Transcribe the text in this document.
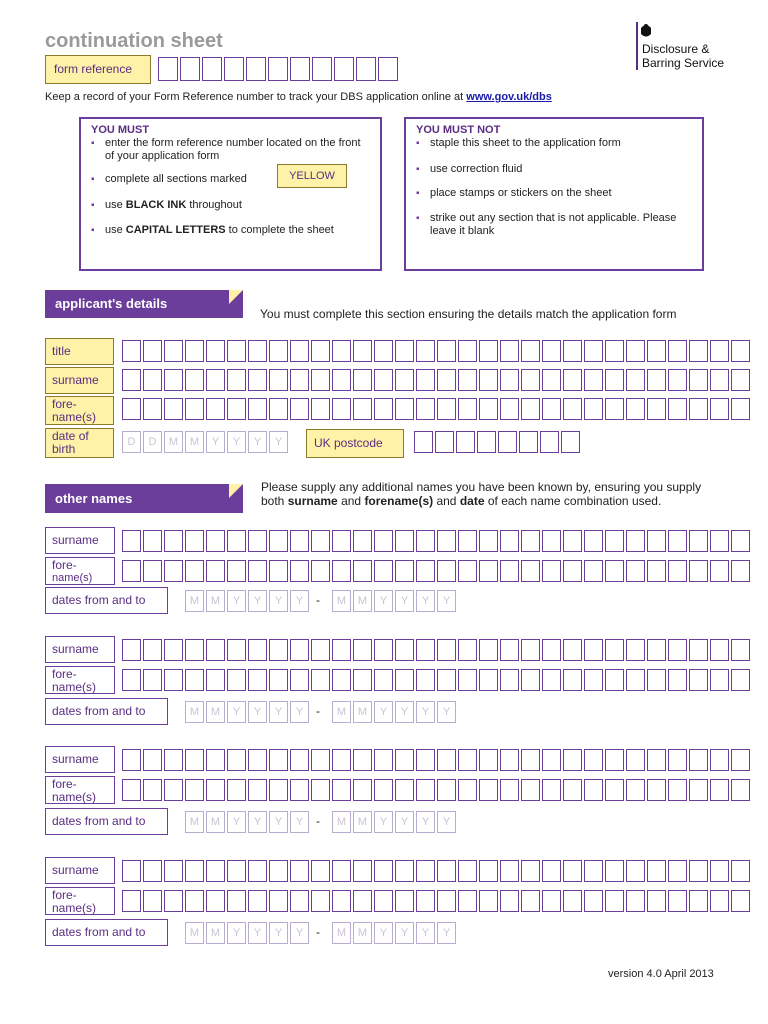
continuation sheet	Disclosure &
Barring Service
form reference
Keep a record of your Form Reference number to track your DBS application online at www.gov.uk/dbs
YOU MUST
▪ enter the form reference number located on the front of your application form
▪ complete all sections marked
▪ use BLACK INK throughout
▪ use CAPITAL LETTERS to complete the sheet
YELLOW
YOU MUST NOT
▪ staple this sheet to the application form
▪ use correction fluid
▪ place stamps or stickers on the sheet
▪ strike out any section that is not applicable. Please leave it blank
applicant's details
You must complete this section ensuring the details match the application form
title
surname
fore-
name(s)
date of
birth	D	D	M	M	Y	Y	Y	Y	UK postcode
other names
Please supply any additional names you have been known by, ensuring you supply
both surname and forename(s) and date of each name combination used.
surname
fore-
name(s)
dates from and to	M	M	Y	Y	Y	Y	-	M	M	Y	Y	Y	Y
surname
fore-
name(s)
dates from and to	M	M	Y	Y	Y	Y	-	M	M	Y	Y	Y	Y
surname
fore-
name(s)
dates from and to	M	M	Y	Y	Y	Y	-	M	M	Y	Y	Y	Y
surname
fore-
name(s)
dates from and to	M	M	Y	Y	Y	Y	-	M	M	Y	Y	Y	Y
version 4.0 April 2013
